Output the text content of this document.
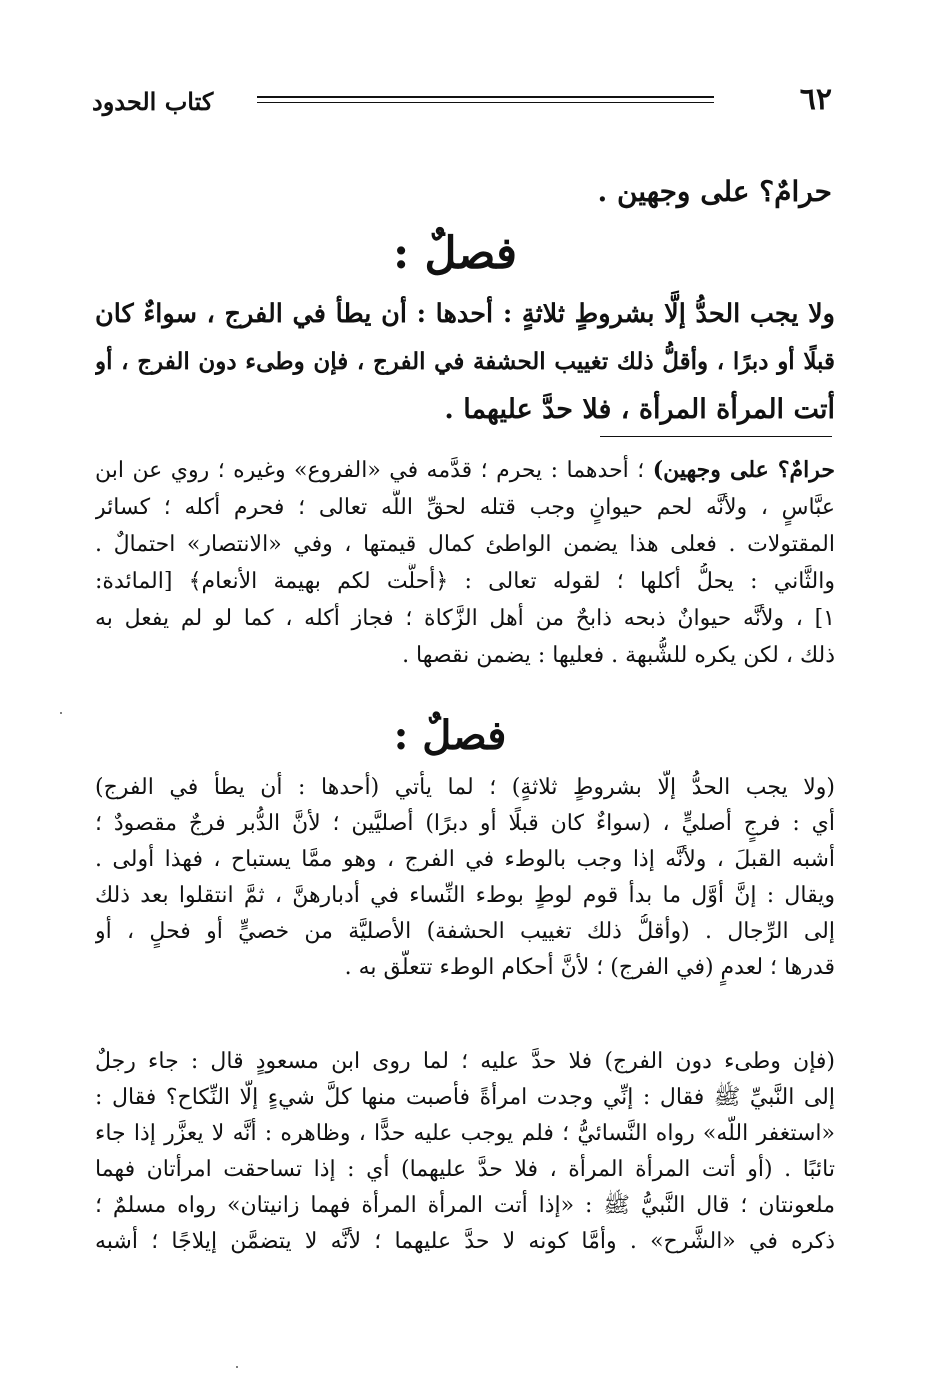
٦٢
كتاب الحدود
حرامٌ؟ على وجهين .
فصلٌ :
ولا يجب الحدُّ إلَّا بشروطٍ ثلاثةٍ : أحدها : أن يطأ في الفرج ، سواءٌ كان
قبلًا أو دبرًا ، وأقلُّ ذلك تغييب الحشفة في الفرج ، فإن وطىء دون الفرج ، أو
أتت المرأة المرأة ، فلا حدَّ عليهما .
حرامٌ؟ على وجهين) ؛ أحدهما : يحرم ؛ قدَّمه في «الفروع» وغيره ؛ روي عن ابن
عبَّاسٍ ، ولأنَّه لحم حيوانٍ وجب قتله لحقِّ اللَّه تعالى ؛ فحرم أكله ؛ كسائر
المقتولات . فعلى هذا يضمن الواطئ كمال قيمتها ، وفي «الانتصار» احتمالٌ .
والثَّاني : يحلُّ أكلها ؛ لقوله تعالى : ﴿أحلَّت لكم بهيمة الأنعام﴾ [المائدة:
١] ، ولأنَّه حيوانٌ ذبحه ذابحٌ من أهل الزَّكاة ؛ فجاز أكله ، كما لو لم يفعل به
ذلك ، لكن يكره للشُّبهة . فعليها : يضمن نقصها .
فصلٌ :
(ولا يجب الحدُّ إلَّا بشروطٍ ثلاثةٍ) ؛ لما يأتي (أحدها : أن يطأ في الفرج)
أي : فرجٍ أصليٍّ ، (سواءٌ كان قبلًا أو دبرًا) أصليَّين ؛ لأنَّ الدُّبر فرجٌ مقصودٌ ؛
أشبه القبلَ ، ولأنَّه إذا وجب بالوطء في الفرج ، وهو ممَّا يستباح ، فهذا أولى .
ويقال : إنَّ أوَّل ما بدأ قوم لوطٍ بوطء النِّساء في أدبارهنَّ ، ثمَّ انتقلوا بعد ذلك
إلى الرِّجال . (وأقلُّ ذلك تغييب الحشفة) الأصليَّة من خصيٍّ أو فحلٍ ، أو
قدرها ؛ لعدمٍ (في الفرج) ؛ لأنَّ أحكام الوطء تتعلَّق به .
(فإن وطىء دون الفرج) فلا حدَّ عليه ؛ لما روى ابن مسعودٍ قال : جاء رجلٌ
إلى النَّبيِّ ﷺ فقال : إنِّي وجدت امرأةً فأصبت منها كلَّ شيءٍ إلَّا النِّكاح؟ فقال :
«استغفر اللَّه» رواه النَّسائيُّ ؛ فلم يوجب عليه حدًّا ، وظاهره : أنَّه لا يعزَّر إذا جاء
تائبًا . (أو أتت المرأة المرأة ، فلا حدَّ عليهما) أي : إذا تساحقت امرأتان فهما
ملعونتان ؛ قال النَّبيُّ ﷺ : «إذا أتت المرأة المرأة فهما زانيتان» رواه مسلمٌ ؛
ذكره في «الشَّرح» . وأمَّا كونه لا حدَّ عليهما ؛ لأنَّه لا يتضمَّن إيلاجًا ؛ أشبه
